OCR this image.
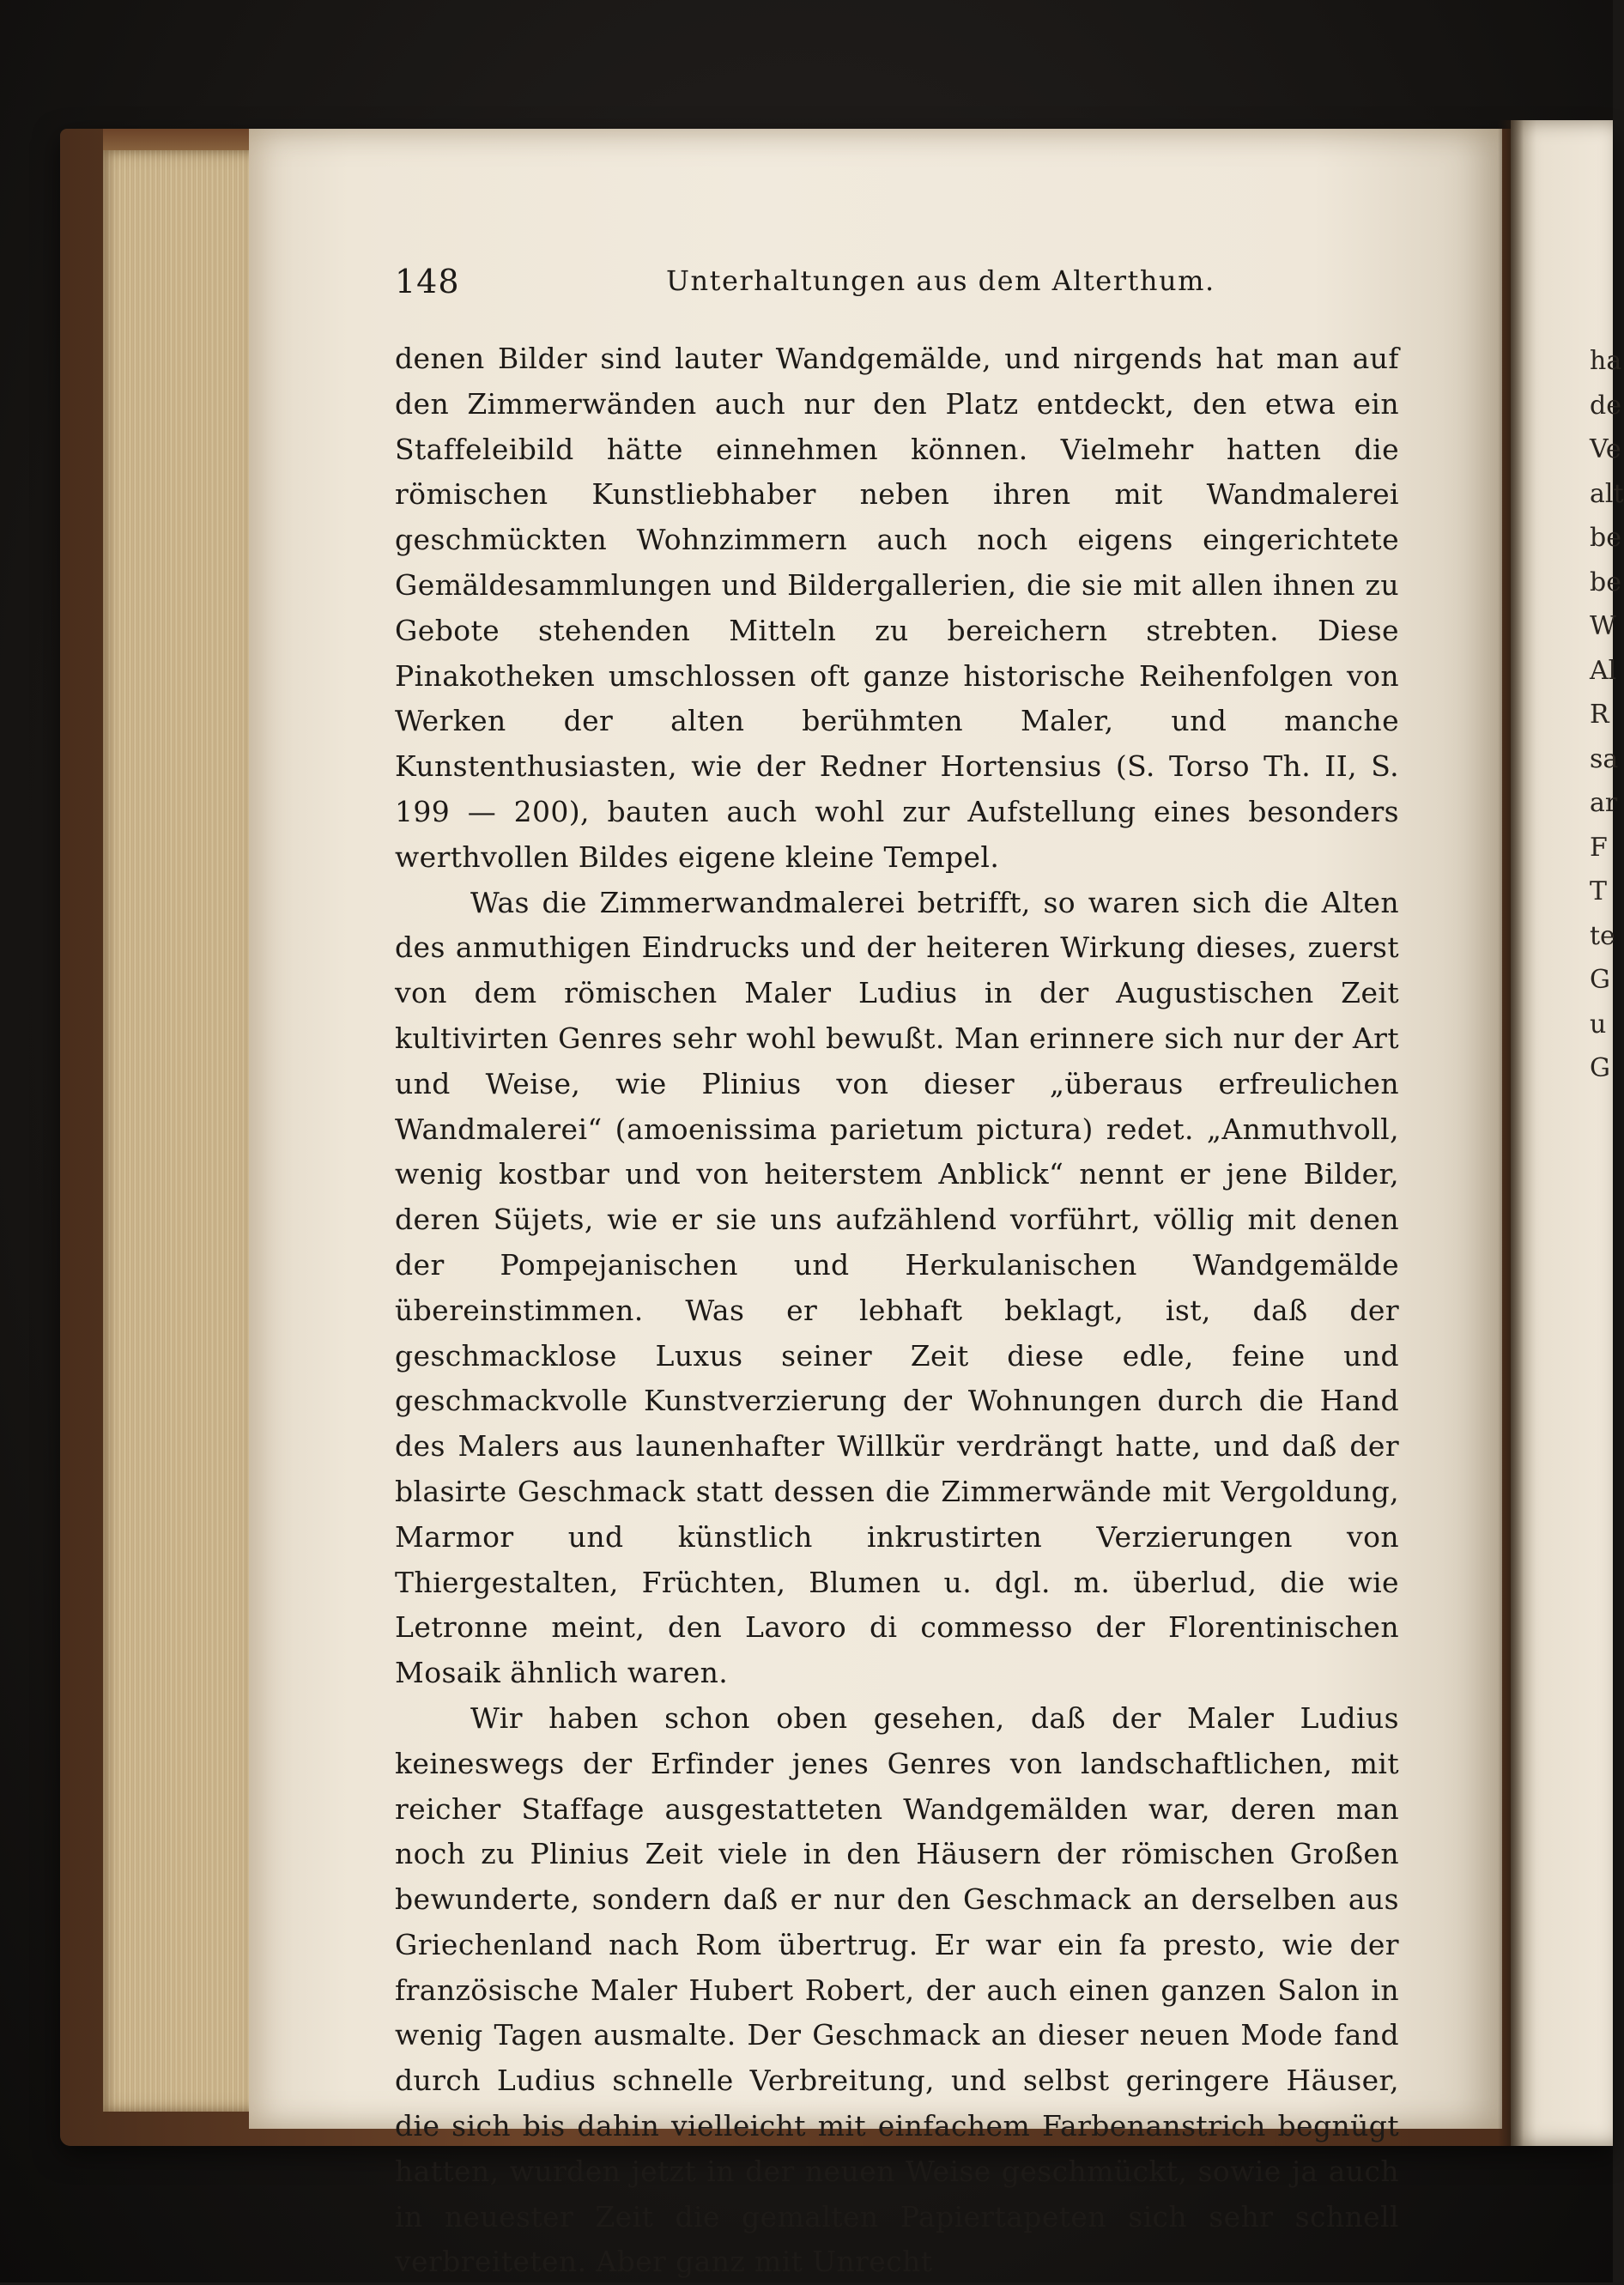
ha
de
Ve
alt
be
be
W
Al
R
sa
ar
F
T
te
G
u
G
148	Unterhaltungen aus dem Alterthum.

denen Bilder sind lauter Wandgemälde, und nirgends hat man auf den Zimmerwänden auch nur den Platz entdeckt, den etwa ein Staffeleibild hätte einnehmen können. Vielmehr hatten die römischen Kunstliebhaber neben ihren mit Wandmalerei geschmückten Wohnzimmern auch noch eigens eingerichtete Gemäldesammlungen und Bildergallerien, die sie mit allen ihnen zu Gebote stehenden Mitteln zu bereichern strebten. Diese Pinakotheken umschlossen oft ganze historische Reihenfolgen von Werken der alten berühmten Maler, und manche Kunstenthusiasten, wie der Redner Hortensius (S. Torso Th. II, S. 199 — 200), bauten auch wohl zur Aufstellung eines besonders werthvollen Bildes eigene kleine Tempel.

Was die Zimmerwandmalerei betrifft, so waren sich die Alten des anmuthigen Eindrucks und der heiteren Wirkung dieses, zuerst von dem römischen Maler Ludius in der Augustischen Zeit kultivirten Genres sehr wohl bewußt. Man erinnere sich nur der Art und Weise, wie Plinius von dieser „überaus erfreulichen Wandmalerei“ (amoenissima parietum pictura) redet. „Anmuthvoll, wenig kostbar und von heiterstem Anblick“ nennt er jene Bilder, deren Süjets, wie er sie uns aufzählend vorführt, völlig mit denen der Pompejanischen und Herkulanischen Wandgemälde übereinstimmen. Was er lebhaft beklagt, ist, daß der geschmacklose Luxus seiner Zeit diese edle, feine und geschmackvolle Kunstverzierung der Wohnungen durch die Hand des Malers aus launenhafter Willkür verdrängt hatte, und daß der blasirte Geschmack statt dessen die Zimmerwände mit Vergoldung, Marmor und künstlich inkrustirten Verzierungen von Thiergestalten, Früchten, Blumen u. dgl. m. überlud, die wie Letronne meint, den Lavoro di commesso der Florentinischen Mosaik ähnlich waren.

Wir haben schon oben gesehen, daß der Maler Ludius keineswegs der Erfinder jenes Genres von landschaftlichen, mit reicher Staffage ausgestatteten Wandgemälden war, deren man noch zu Plinius Zeit viele in den Häusern der römischen Großen bewunderte, sondern daß er nur den Geschmack an derselben aus Griechenland nach Rom übertrug. Er war ein fa presto, wie der französische Maler Hubert Robert, der auch einen ganzen Salon in wenig Tagen ausmalte. Der Geschmack an dieser neuen Mode fand durch Ludius schnelle Verbreitung, und selbst geringere Häuser, die sich bis dahin vielleicht mit einfachem Farbenanstrich begnügt hatten, wurden jetzt in der neuen Weise geschmückt, sowie ja auch in neuester Zeit die gemalten Papiertapeten sich sehr schnell verbreiteten. Aber ganz mit Unrecht
